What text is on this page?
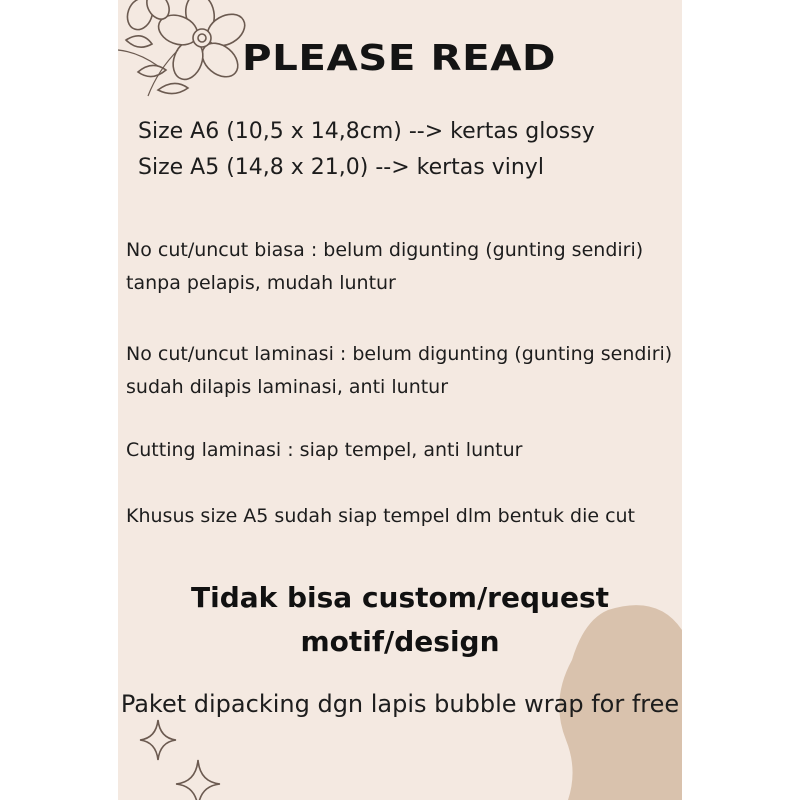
PLEASE READ
Size A6 (10,5 x 14,8cm) --> kertas glossy
Size A5 (14,8 x 21,0) --> kertas vinyl

No cut/uncut biasa : belum digunting (gunting sendiri) tanpa pelapis, mudah luntur

No cut/uncut laminasi : belum digunting (gunting sendiri) sudah dilapis laminasi, anti luntur

Cutting laminasi : siap tempel, anti luntur

Khusus size A5 sudah siap tempel dlm bentuk die cut

Tidak bisa custom/request motif/design
Paket dipacking dgn lapis bubble wrap for free
